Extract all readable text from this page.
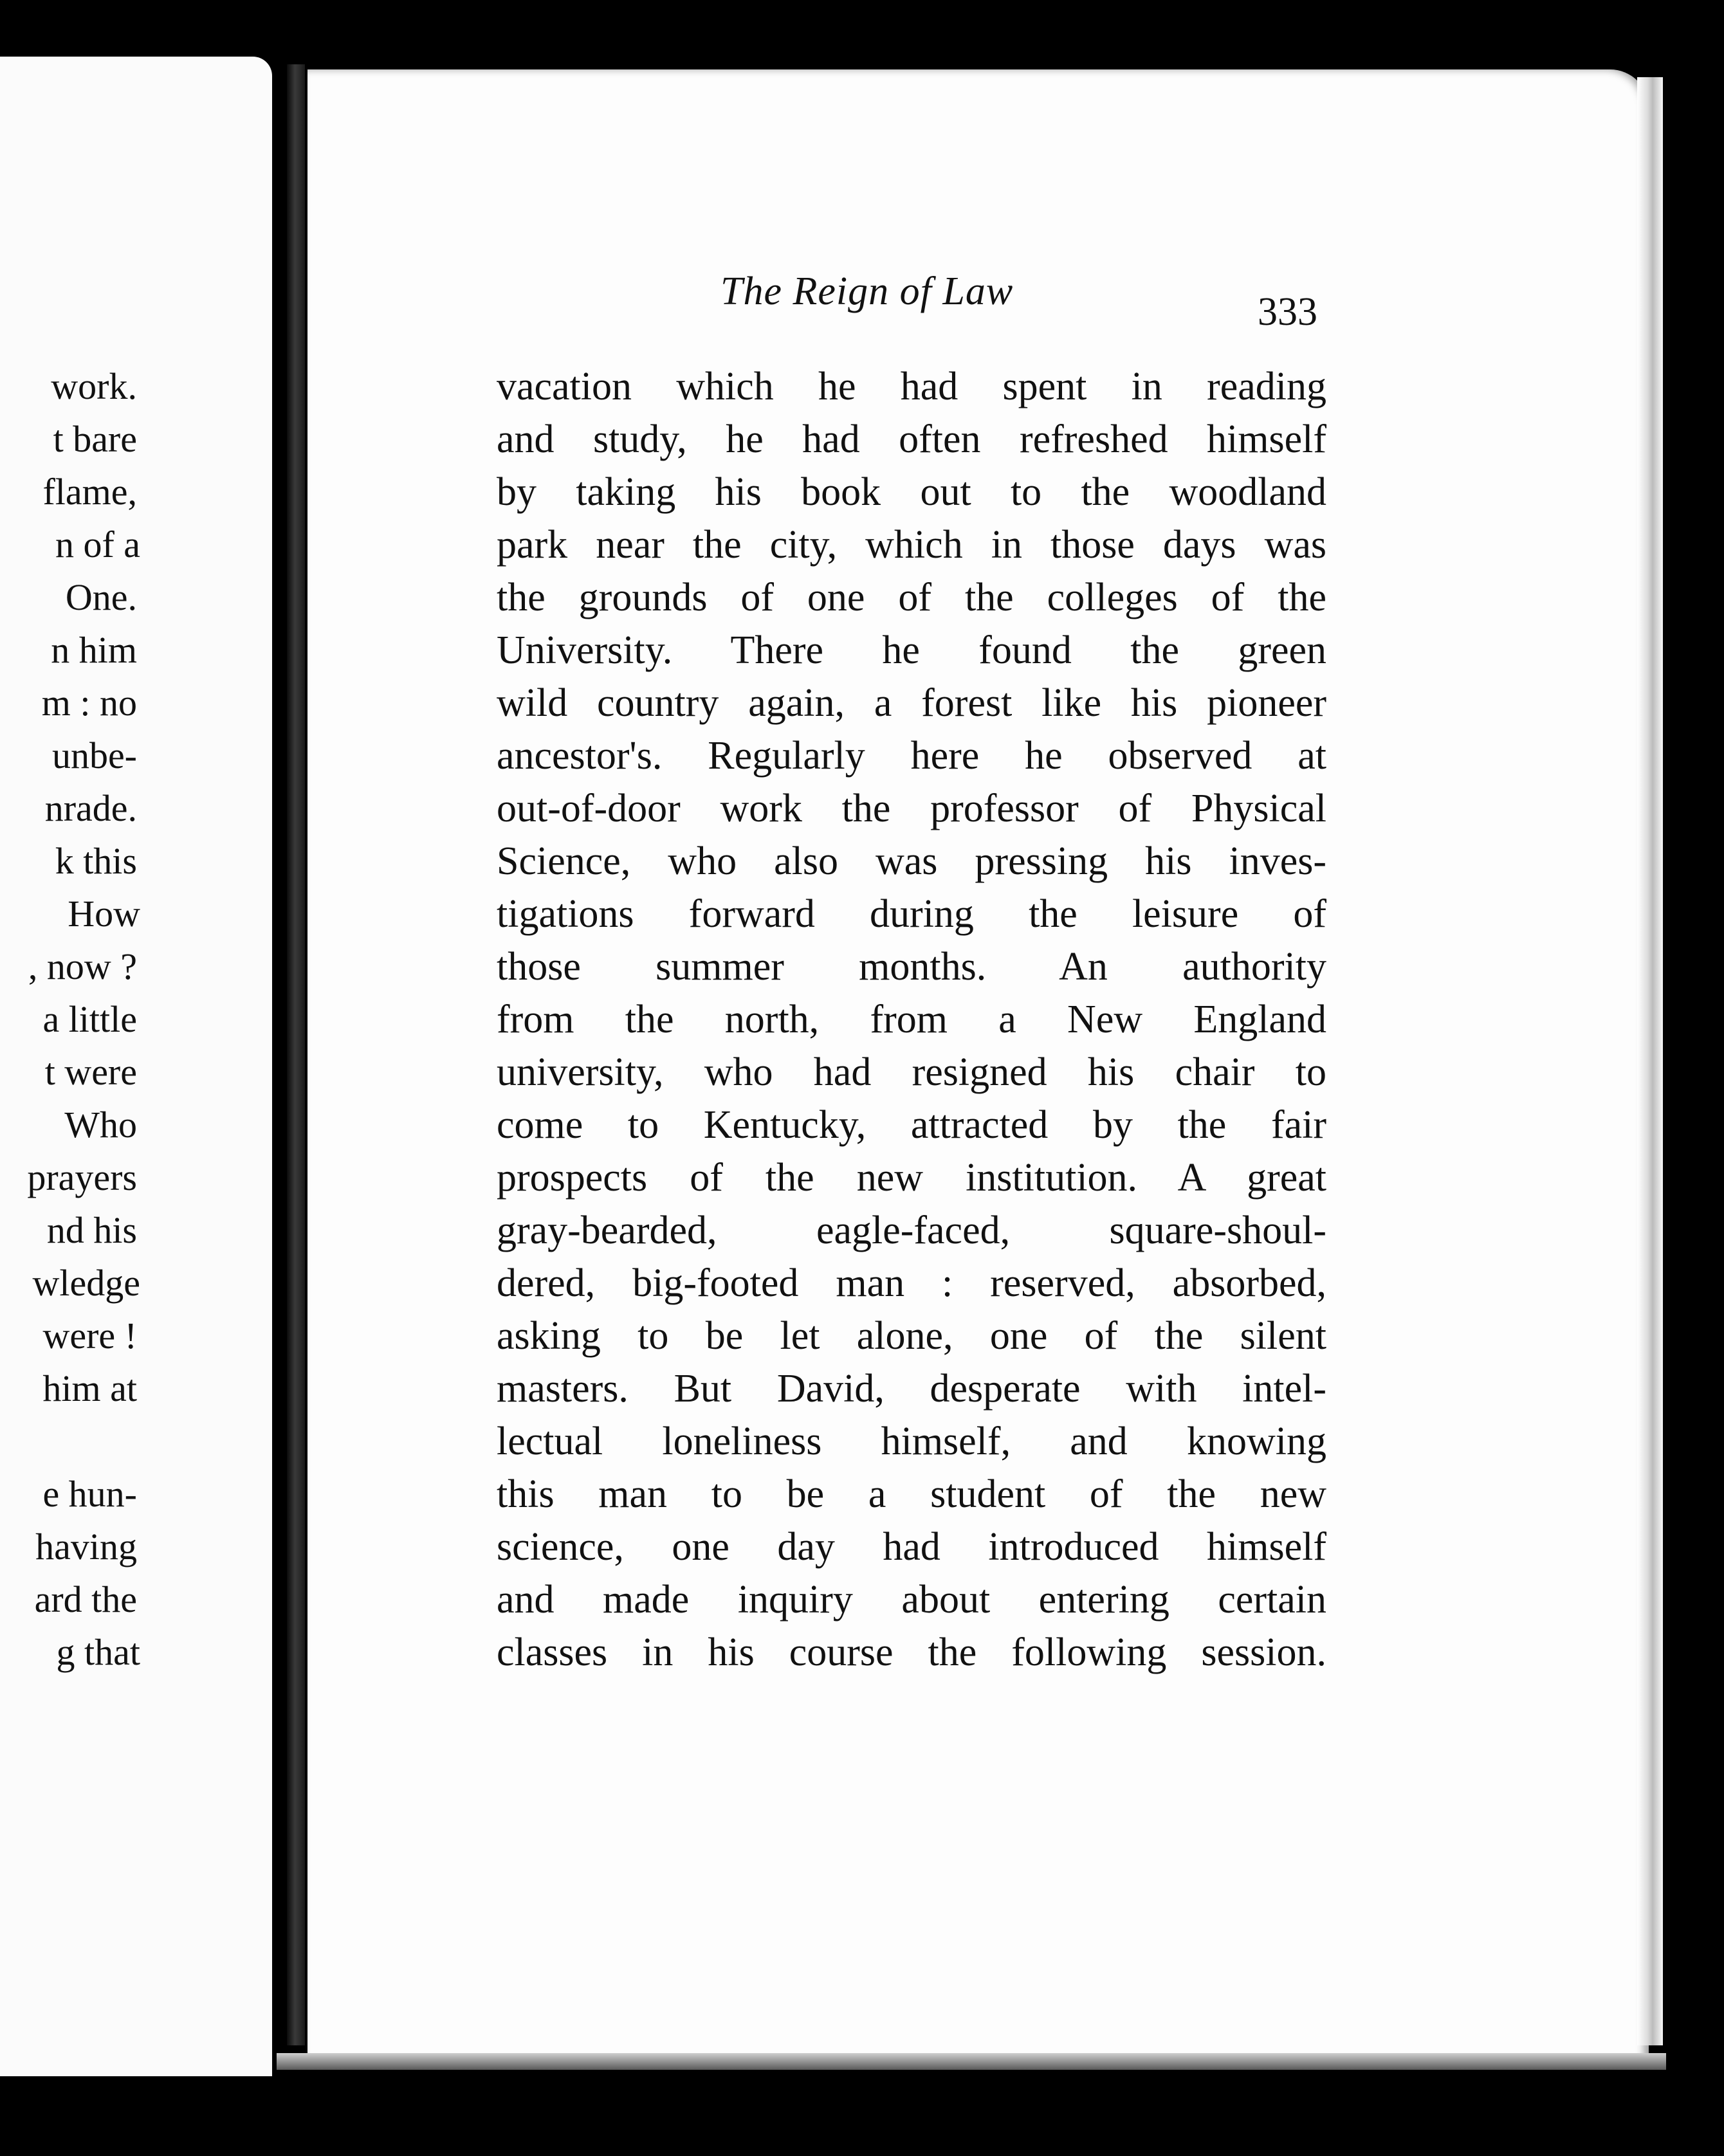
work.
t bare
flame,
n of a
One.
n him
m : no
unbe-
nrade.
k this
How
, now ?
a little
t were
Who
prayers
nd his
wledge
were !
him at
e hun-
having
ard the
g that
The Reign of Law	333
vacation which he had spent in reading
and study, he had often refreshed himself
by taking his book out to the woodland
park near the city, which in those days was
the grounds of one of the colleges of the
University. There he found the green
wild country again, a forest like his pioneer
ancestor's. Regularly here he observed at
out-of-door work the professor of Physical
Science, who also was pressing his inves-
tigations forward during the leisure of
those summer months. An authority
from the north, from a New England
university, who had resigned his chair to
come to Kentucky, attracted by the fair
prospects of the new institution. A great
gray-bearded, eagle-faced, square-shoul-
dered, big-footed man : reserved, absorbed,
asking to be let alone, one of the silent
masters. But David, desperate with intel-
lectual loneliness himself, and knowing
this man to be a student of the new
science, one day had introduced himself
and made inquiry about entering certain
classes in his course the following session.
